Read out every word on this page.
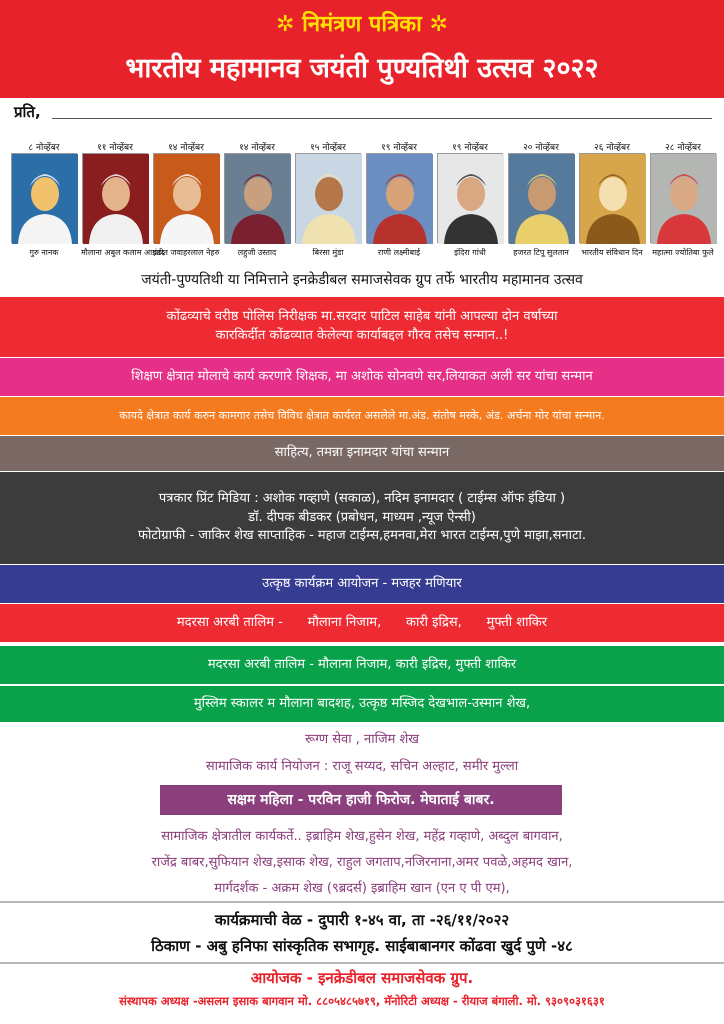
✲ निमंत्रण पत्रिका ✲
भारतीय महामानव जयंती पुण्यतिथी उत्सव २०२२
प्रति,
८ नोव्हेंबर
गुरु नानक
११ नोव्हेंबर
मौलाना अबुल कलाम आझाद
१४ नोव्हेंबर
पंडीत जवाहरलाल नेहरु
१४ नोव्हेंबर
लहुजी उस्ताद
१५ नोव्हेंबर
बिरसा मुंडा
१९ नोव्हेंबर
राणी लक्ष्मीबाई
१९ नोव्हेंबर
इंदिरा गांधी
२० नोव्हेंबर
हजरत टिपू सुलतान
२६ नोव्हेंबर
भारतीय संविधान दिन
२८ नोव्हेंबर
महात्मा ज्योतिबा फुले
जयंती-पुण्यतिथी या निमित्ताने इनक्रेडीबल समाजसेवक ग्रुप तर्फे भारतीय महामानव उत्सव
कोंढव्याचे वरीष्ठ पोलिस निरीक्षक मा.सरदार पाटिल साहेब यांनी आपल्या दोन वर्षाच्या
कारकिर्दीत कोंढव्यात केलेल्या कार्याबद्दल गौरव तसेच सन्मान..!
शिक्षण क्षेत्रात मोलाचे कार्य करणारे शिक्षक, मा अशोक सोनवणे सर,लियाकत अली सर यांचा सन्मान
कायदे क्षेत्रात कार्य करुन कामगार तसेच विविध क्षेत्रात कार्यरत असलेले मा.अंड. संतोष मस्के, अंड. अर्चना मोर यांचा सन्मान.
साहित्य, तमन्ना इनामदार यांचा सन्मान
पत्रकार प्रिंट मिडिया : अशोक गव्हाणे (सकाळ), नदिम इनामदार ( टाईम्स ऑफ इंडिया )
डॉ. दीपक बीडकर (प्रबोधन, माध्यम ,न्यूज ऐन्सी)
फोटोग्राफी - जाकिर शेख साप्ताहिक - महाज टाईम्स,हमनवा,मेरा भारत टाईम्स,पुणे माझा,सनाटा.
उत्कृष्ठ कार्यक्रम आयोजन - मजहर मणियार
मदरसा अरबी तालिम -      मौलाना निजाम,      कारी इद्रिस,      मुफ्ती शाकिर
मदरसा अरबी तालिम - मौलाना निजाम, कारी इद्रिस, मुफ्ती शाकिर
मुस्लिम स्कालर म मौलाना बादशह, उत्कृष्ठ मस्जिद देखभाल-उस्मान शेख,
रूग्ण सेवा , नाजिम शेख
सामाजिक कार्य नियोजन : राजू सय्यद, सचिन अल्हाट, समीर मुल्ला
सक्षम महिला - परविन हाजी फिरोज. मेघाताई बाबर.
सामाजिक क्षेत्रातील कार्यकर्ते.. इब्राहिम शेख,हुसेन शेख, महेंद्र गव्हाणे, अब्दुल बागवान,
राजेंद्र बाबर,सुफियान शेख,इसाक शेख, राहुल जगताप,नजिरनाना,अमर पवळे,अहमद खान,
मार्गदर्शक - अक्रम शेख (९ब्रदर्स) इब्राहिम खान (एन ए पी एम),
कार्यक्रमाची वेळ - दुपारी १-४५ वा, ता -२६/११/२०२२
ठिकाण - अबु हनिफा सांस्कृतिक सभागृह. साईबाबानगर कोंढवा खुर्द पुणे -४८
आयोजक - इनक्रेडीबल समाजसेवक ग्रुप.
संस्थापक अध्यक्ष -असलम इसाक बागवान मो. ८८०५४८५७१९, मॅनोरिटी अध्यक्ष - रीयाज बंगाली. मो. ९३०९०३१६३१
